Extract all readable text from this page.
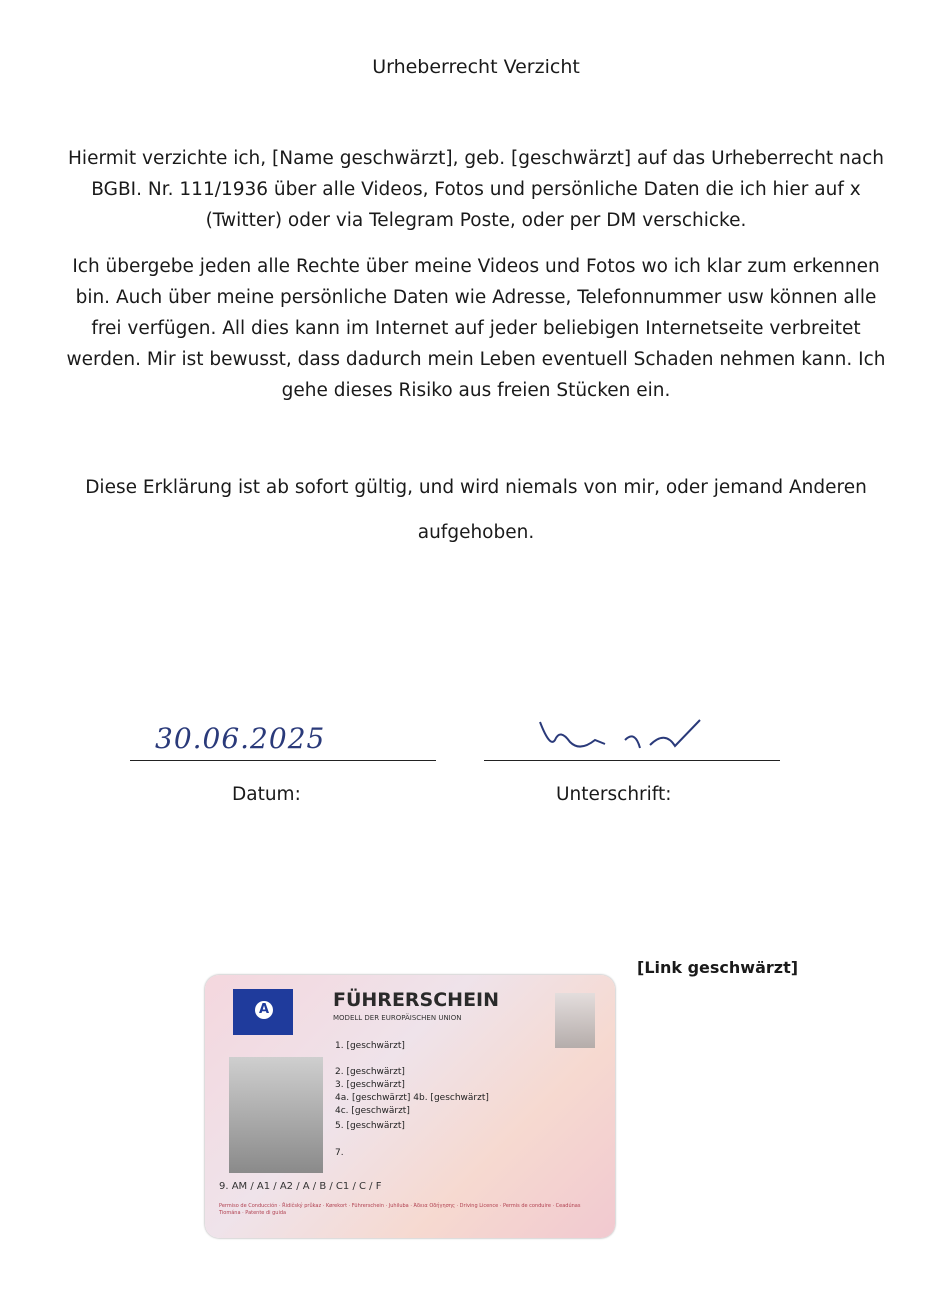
Urheberrecht Verzicht
Hiermit verzichte ich, [Name geschwärzt], geb. [geschwärzt] auf das Urheberrecht nach BGBI. Nr. 111/1936 über alle Videos, Fotos und persönliche Daten die ich hier auf x (Twitter) oder via Telegram Poste, oder per DM verschicke.
Ich übergebe jeden alle Rechte über meine Videos und Fotos wo ich klar zum erkennen bin. Auch über meine persönliche Daten wie Adresse, Telefonnummer usw können alle frei verfügen. All dies kann im Internet auf jeder beliebigen Internetseite verbreitet werden. Mir ist bewusst, dass dadurch mein Leben eventuell Schaden nehmen kann. Ich gehe dieses Risiko aus freien Stücken ein.
Diese Erklärung ist ab sofort gültig, und wird niemals von mir, oder jemand Anderen aufgehoben.
30.06.2025
Datum:	Unterschrift:
A	FÜHRERSCHEIN
MODELL DER EUROPÄISCHEN UNION
1. [geschwärzt]
2. [geschwärzt]
3. [geschwärzt]
4a. [geschwärzt] 4b. [geschwärzt]
4c. [geschwärzt]
5. [geschwärzt]
7.
9. AM / A1 / A2 / A / B / C1 / C / F
Permiso de Conducción · Řidičský průkaz · Kørekort · Führerschein · Juhiluba · Άδεια Οδήγησης · Driving Licence · Permis de conduire · Ceadúnas Tiomána · Patente di guida
[Link geschwärzt]
